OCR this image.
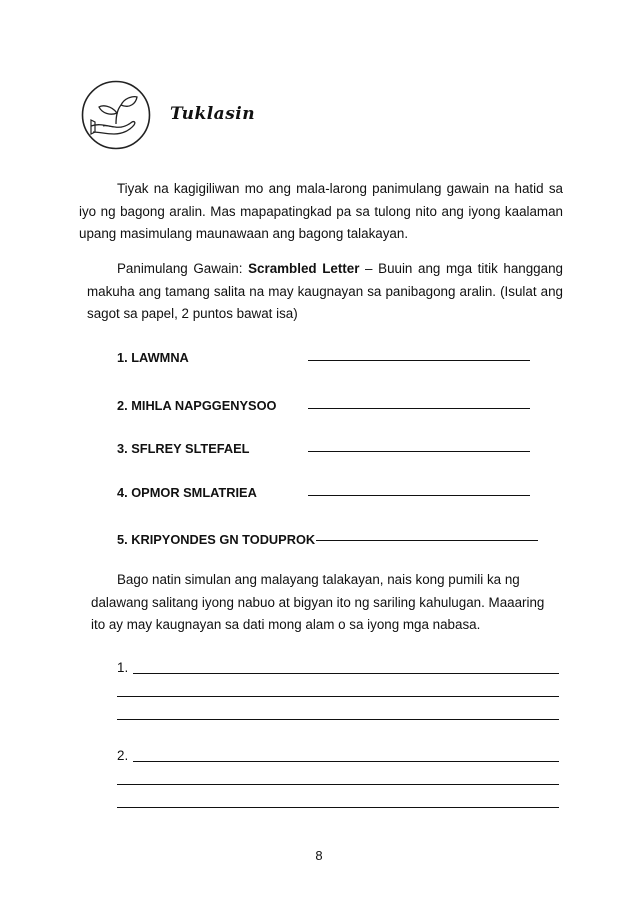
Tuklasin

Tiyak na kagigiliwan mo ang mala-larong panimulang gawain na hatid sa iyo ng bagong aralin. Mas mapapatingkad pa sa tulong nito ang iyong kaalaman upang masimulang maunawaan ang bagong talakayan.

Panimulang Gawain: Scrambled Letter – Buuin ang mga titik hanggang makuha ang tamang salita na may kaugnayan sa panibagong aralin. (Isulat ang sagot sa papel, 2 puntos bawat isa)

1. LAWMNA
2. MIHLA NAPGGENYSOO
3. SFLREY SLTEFAEL
4. OPMOR SMLATRIEA
5. KRIPYONDES GN TODUPROK

Bago natin simulan ang malayang talakayan, nais kong pumili ka ng dalawang salitang iyong nabuo at bigyan ito ng sariling kahulugan. Maaaring ito ay may kaugnayan sa dati mong alam o sa iyong mga nabasa.

1.
2.
8
